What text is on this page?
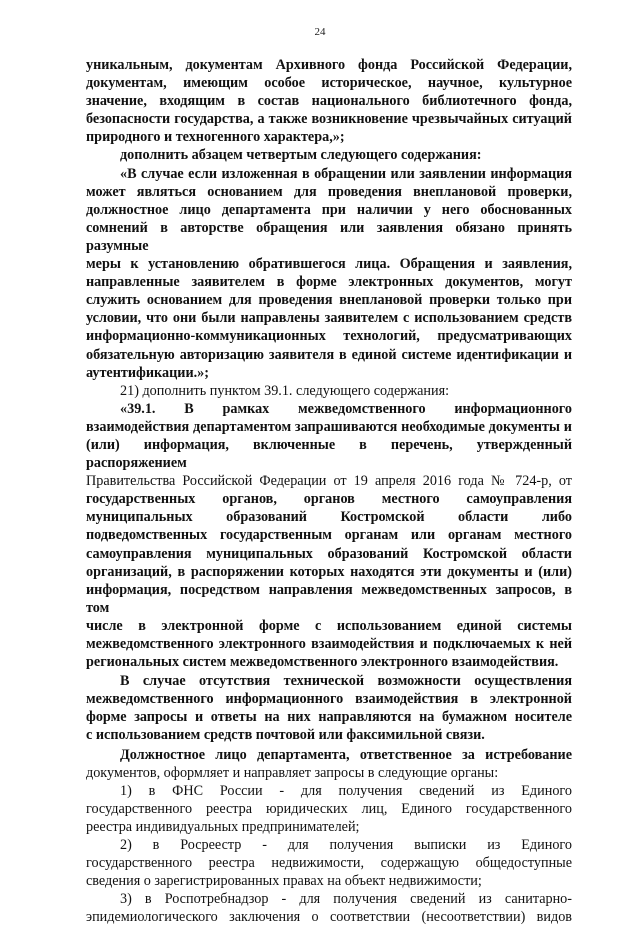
24

уникальным, документам Архивного фонда Российской Федерации,

документам, имеющим особое историческое, научное, культурное

значение, входящим в состав национального библиотечного фонда,

безопасности государства, а также возникновение чрезвычайных ситуаций

природного и техногенного характера,»;

дополнить абзацем четвертым следующего содержания:

«В случае если изложенная в обращении или заявлении информация

может являться основанием для проведения внеплановой проверки,

должностное лицо департамента при наличии у него обоснованных

сомнений в авторстве обращения или заявления обязано принять разумные

меры к установлению обратившегося лица. Обращения и заявления,

направленные заявителем в форме электронных документов, могут

служить основанием для проведения внеплановой проверки только при

условии, что они были направлены заявителем с использованием средств

информационно-коммуникационных технологий, предусматривающих

обязательную авторизацию заявителя в единой системе идентификации и

аутентификации.»;

21) дополнить пунктом 39.1. следующего содержания:

«39.1. В рамках межведомственного информационного

взаимодействия департаментом запрашиваются необходимые документы и

(или) информация, включенные в перечень, утвержденный распоряжением

Правительства Российской Федерации от 19 апреля 2016 года № 724-р, от

государственных органов, органов местного самоуправления

муниципальных образований Костромской области либо

подведомственных государственным органам или органам местного

самоуправления муниципальных образований Костромской области

организаций, в распоряжении которых находятся эти документы и (или)

информация, посредством направления межведомственных запросов, в том

числе в электронной форме с использованием единой системы

межведомственного электронного взаимодействия и подключаемых к ней

региональных систем межведомственного электронного взаимодействия.

В случае отсутствия технической возможности осуществления

межведомственного информационного взаимодействия в электронной

форме запросы и ответы на них направляются на бумажном носителе

с использованием средств почтовой или факсимильной связи.

Должностное лицо департамента, ответственное за истребование

документов, оформляет и направляет запросы в следующие органы:

1) в ФНС России - для получения сведений из Единого

государственного реестра юридических лиц, Единого государственного

реестра индивидуальных предпринимателей;

2) в Росреестр - для получения выписки из Единого

государственного реестра недвижимости, содержащую общедоступные

сведения о зарегистрированных правах на объект недвижимости;

3) в Роспотребнадзор - для получения сведений из санитарно-

эпидемиологического заключения о соответствии (несоответствии) видов
